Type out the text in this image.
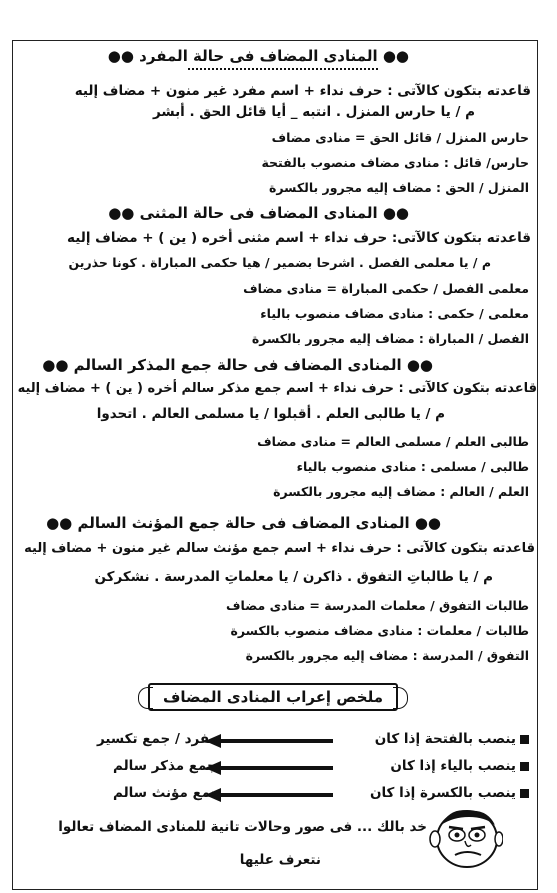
●● المنادى المضاف فى حالة المفرد ●●
قاعدته بتكون كالآتى : حرف نداء + اسم مفرد غير منون + مضاف إليه
م / يا حارس المنزل . انتبه _ أيا قائل الحق . أبشر
حارس المنزل / قائل الحق = منادى مضاف
حارس/ قائل : منادى مضاف منصوب بالفتحة
المنزل / الحق : مضاف إليه مجرور بالكسرة
●● المنادى المضاف فى حالة المثنى ●●
قاعدته بتكون كالآتى: حرف نداء + اسم مثنى أخره ( ين ) + مضاف إليه
م / يا معلمى الفصل . اشرحا بضمير / هيا حكمى المباراة . كونا حذرين
معلمى الفصل / حكمى المباراة = منادى مضاف
معلمى / حكمى : منادى مضاف منصوب بالياء
الفصل / المباراة : مضاف إليه مجرور بالكسرة
●● المنادى المضاف فى حالة جمع المذكر السالم ●●
قاعدته بتكون كالآتى : حرف نداء + اسم جمع مذكر سالم أخره ( ين ) + مضاف إليه
م / يا طالبى العلم . أقبلوا / يا مسلمى العالم . اتحدوا
طالبى العلم / مسلمى العالم = منادى مضاف
طالبى / مسلمى : منادى منصوب بالياء
العلم / العالم : مضاف إليه مجرور بالكسرة
●● المنادى المضاف فى حالة جمع المؤنث السالم ●●
قاعدته بتكون كالآتى : حرف نداء + اسم جمع مؤنث سالم غير منون + مضاف إليه
م / يا طالباتِ التفوق . ذاكرن / يا معلماتِ المدرسة . نشكركن
طالبات التفوق / معلمات المدرسة = منادى مضاف
طالبات / معلمات : منادى مضاف منصوب بالكسرة
التفوق / المدرسة : مضاف إليه مجرور بالكسرة
ملخص إعراب المنادى المضاف
ينصب بالفتحة إذا كان
مفرد / جمع تكسير
ينصب بالياء إذا كان
جمع مذكر سالم
ينصب بالكسرة إذا كان
جمع مؤنث سالم
خد بالك ... فى صور وحالات تانية للمنادى المضاف تعالوا
نتعرف عليها
